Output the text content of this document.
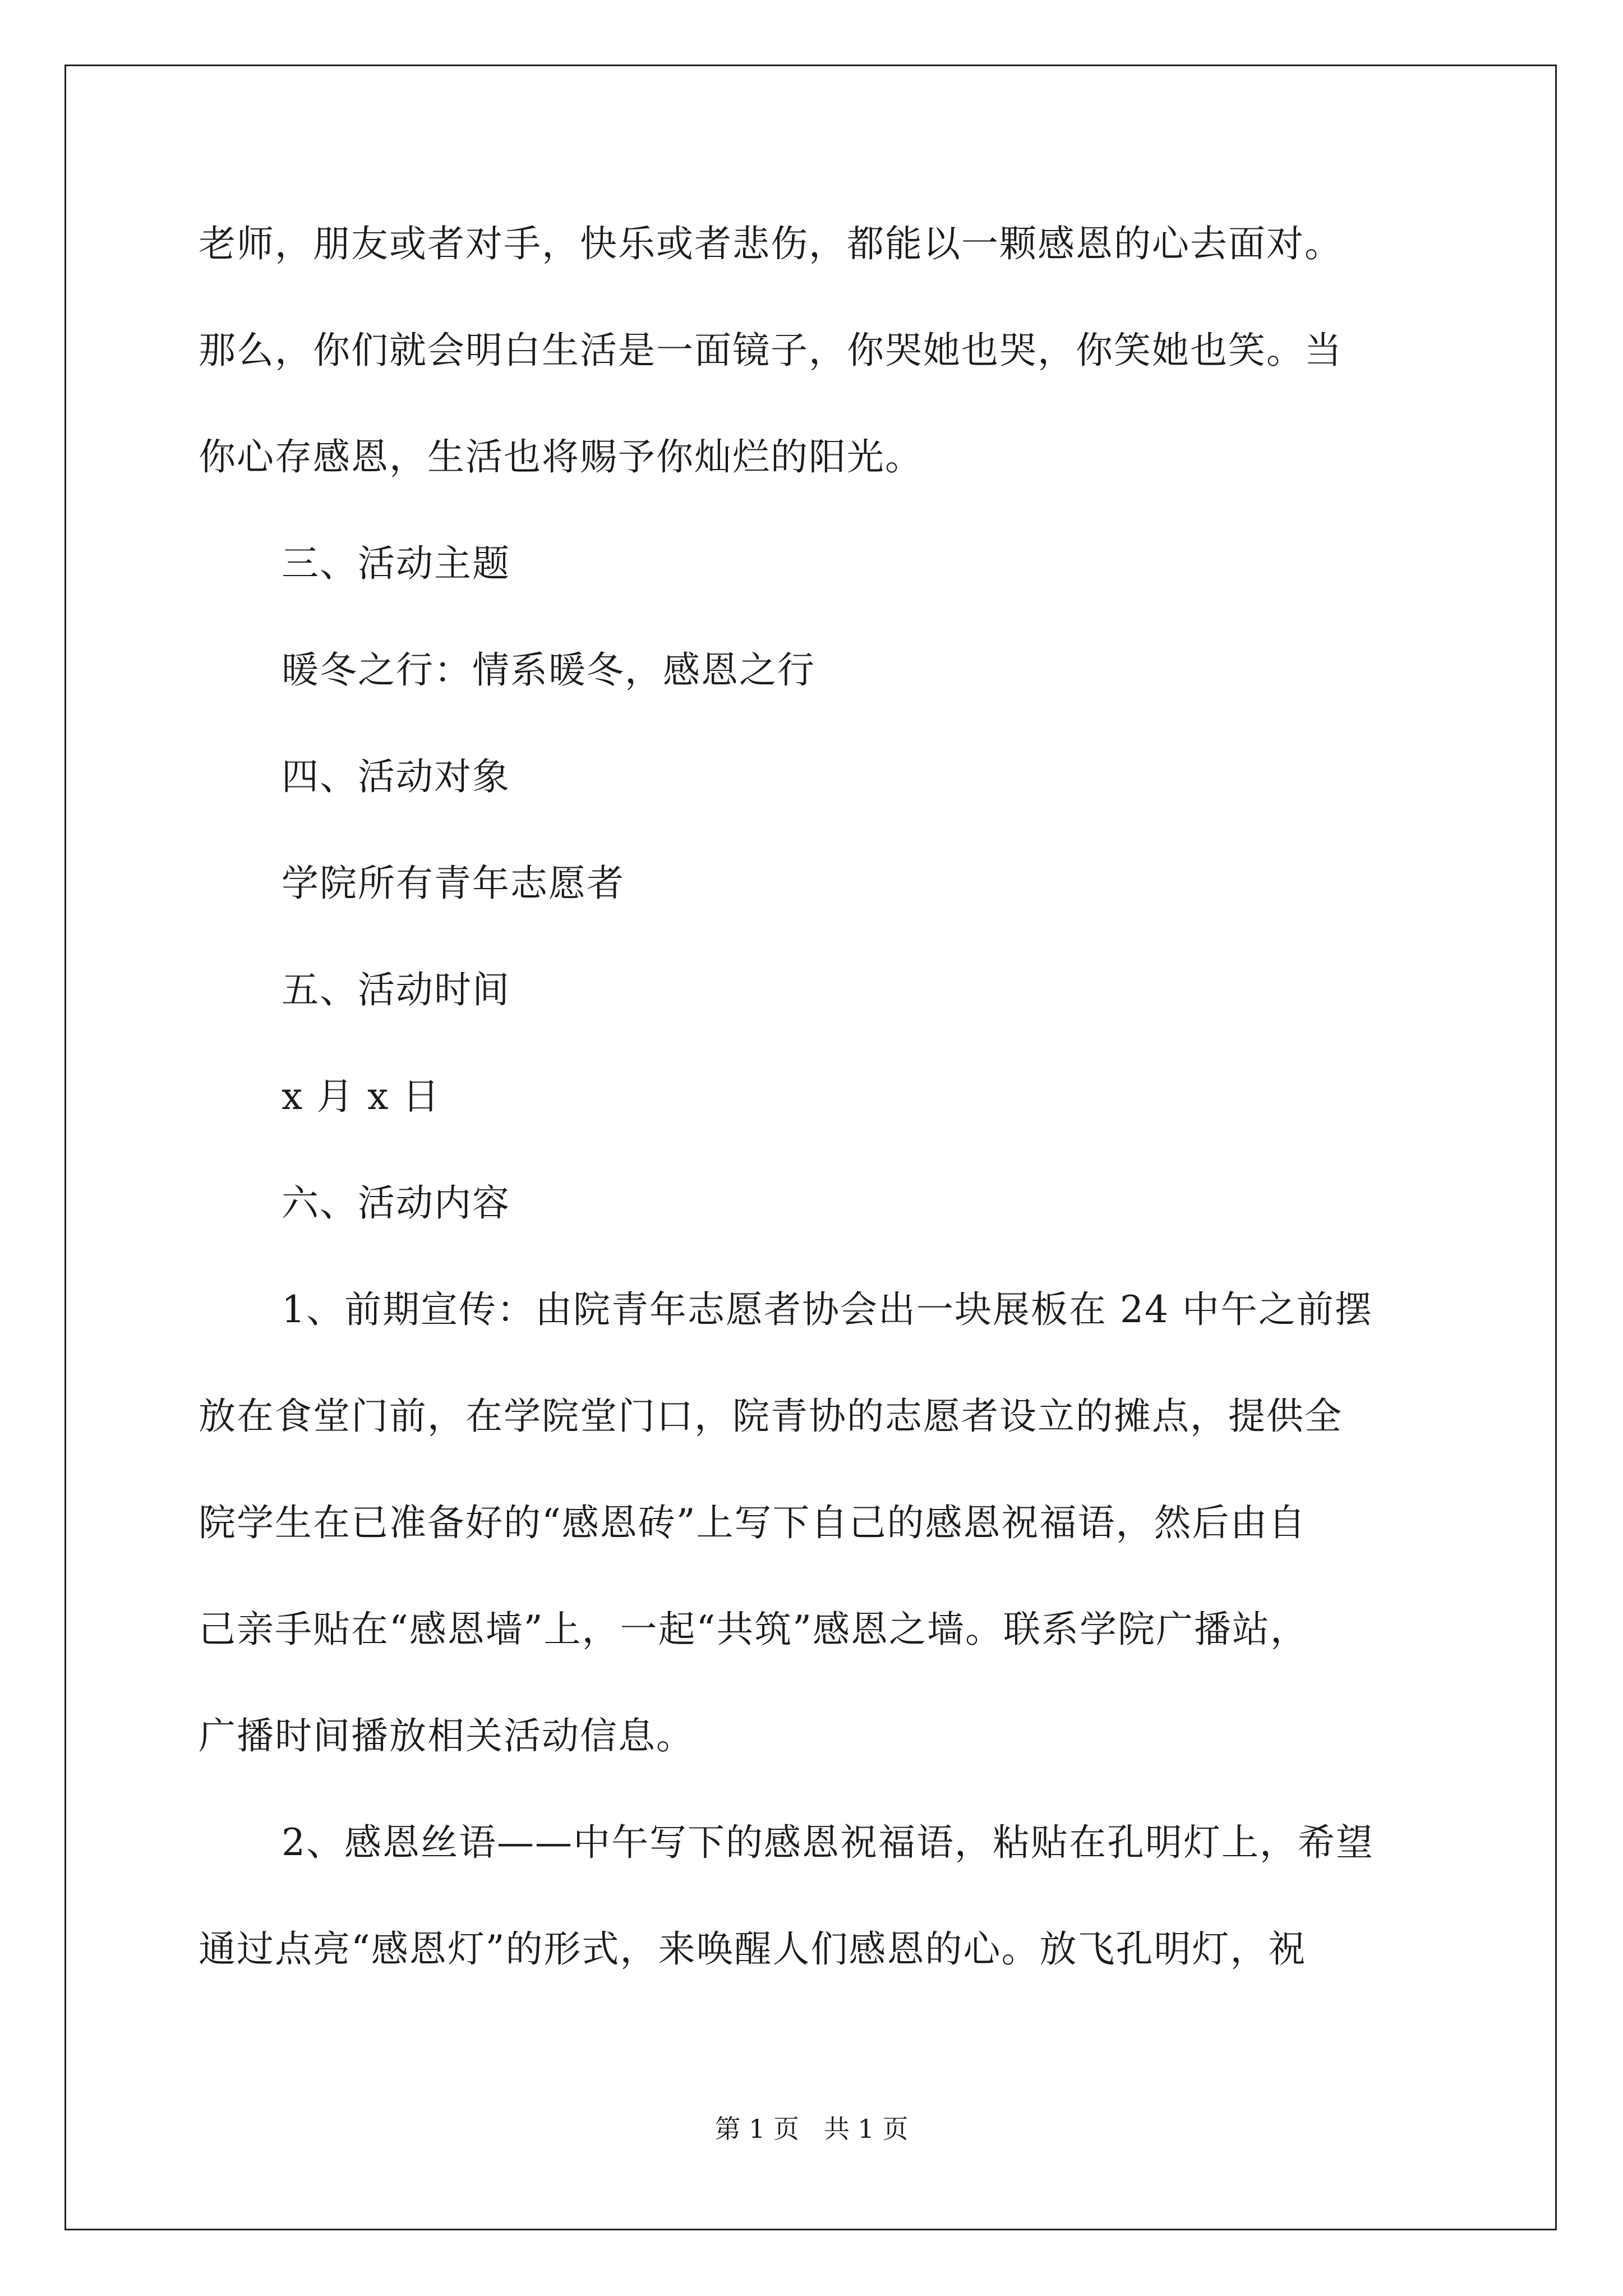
老师，朋友或者对手，快乐或者悲伤，都能以一颗感恩的心去面对。
那么，你们就会明白生活是一面镜子，你哭她也哭，你笑她也笑。当
你心存感恩，生活也将赐予你灿烂的阳光。
三、活动主题
暖冬之行：情系暖冬，感恩之行
四、活动对象
学院所有青年志愿者
五、活动时间
x 月 x 日
六、活动内容
1、前期宣传：由院青年志愿者协会出一块展板在 24 中午之前摆
放在食堂门前，在学院堂门口，院青协的志愿者设立的摊点，提供全
院学生在已准备好的“感恩砖”上写下自己的感恩祝福语，然后由自
己亲手贴在“感恩墙”上，一起“共筑”感恩之墙。联系学院广播站，
广播时间播放相关活动信息。
2、感恩丝语——中午写下的感恩祝福语，粘贴在孔明灯上，希望
通过点亮“感恩灯”的形式，来唤醒人们感恩的心。放飞孔明灯，祝
第 1 页 共 1 页
